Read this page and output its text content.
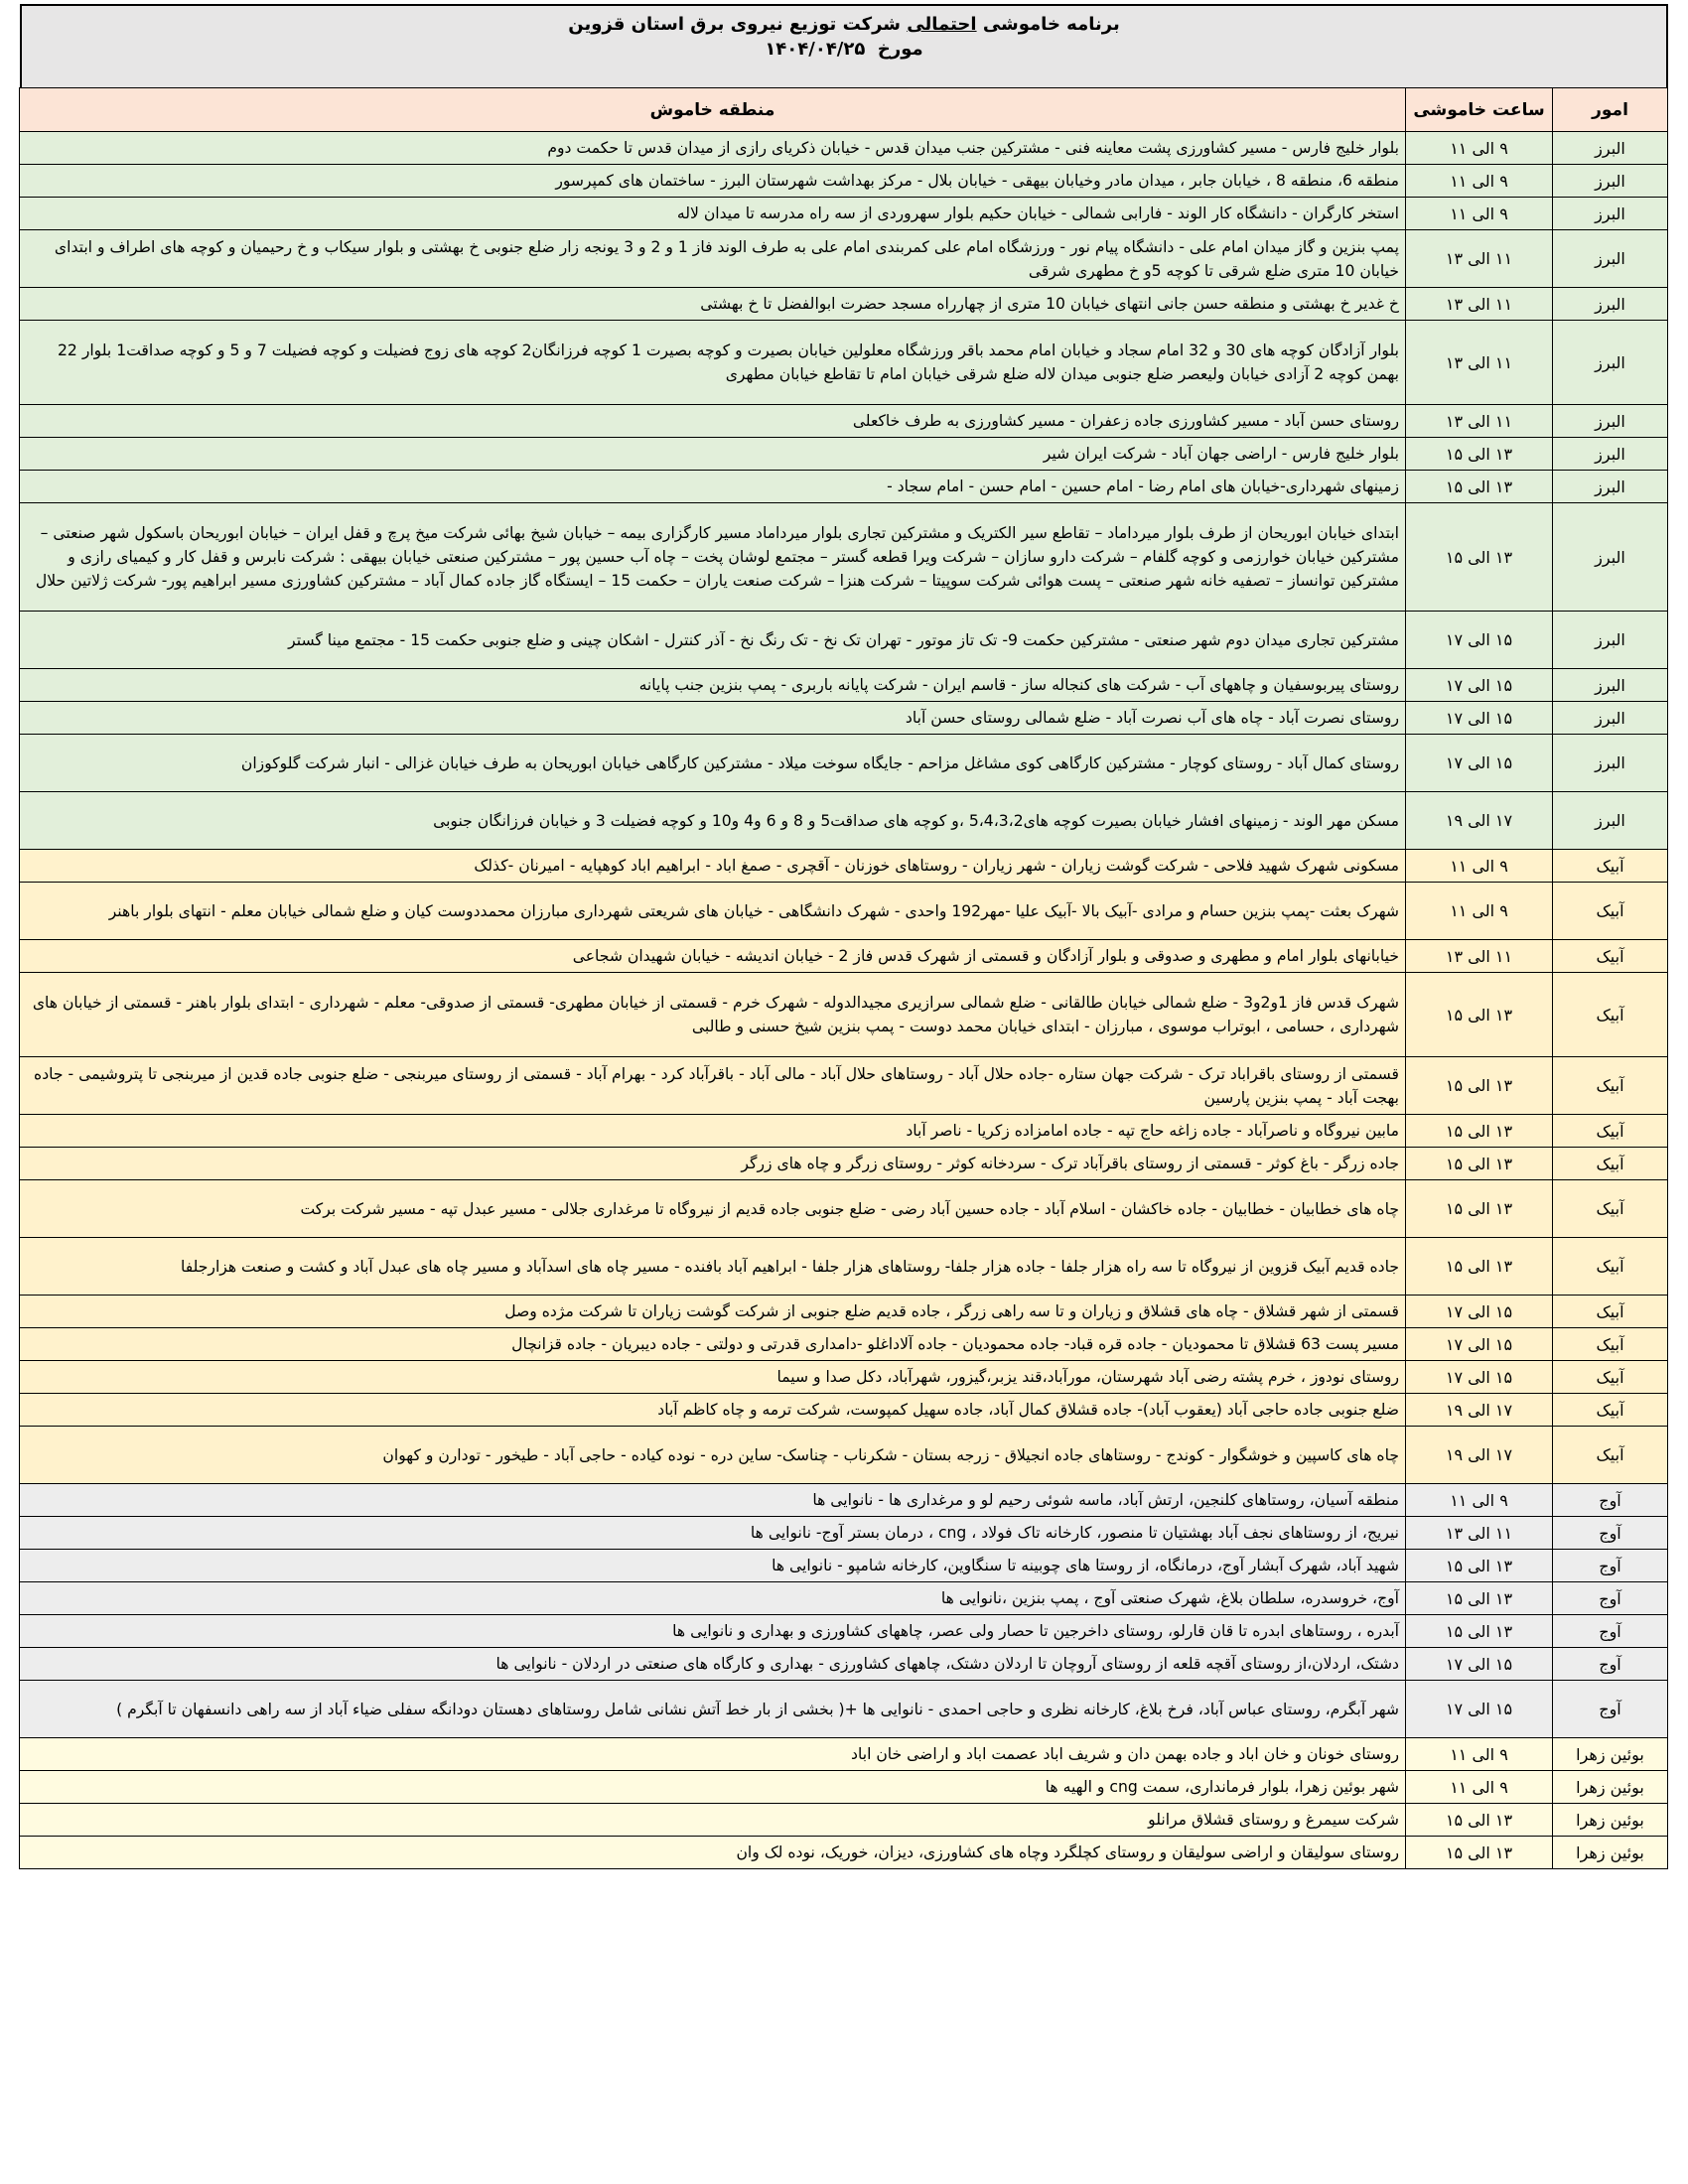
برنامه خاموشی احتمالی شرکت توزیع نیروی برق استان قزوین
مورخ  ۱۴۰۴/۰۴/۲۵
امور	ساعت خاموشی	منطقه خاموش
البرز	۹ الی ۱۱	بلوار خلیج فارس - مسیر کشاورزی پشت معاینه فنی - مشترکین جنب میدان قدس - خیابان ذکریای رازی از میدان قدس تا حکمت دوم
البرز	۹ الی ۱۱	منطقه 6، منطقه 8 ، خیابان جابر ، میدان مادر وخیابان بیهقی - خیابان بلال - مرکز بهداشت شهرستان البرز - ساختمان های کمپرسور
البرز	۹ الی ۱۱	استخر کارگران - دانشگاه کار الوند - فارابی شمالی - خیابان حکیم بلوار سهروردی از سه راه مدرسه تا میدان لاله
البرز	۱۱ الی ۱۳	پمپ بنزین و گاز میدان امام علی - دانشگاه پیام نور - ورزشگاه امام علی کمربندی امام علی به طرف الوند فاز 1 و 2 و 3 یونجه زار ضلع جنوبی خ بهشتی و بلوار سیکاب و خ رحیمیان و کوچه های اطراف و ابتدای خیابان 10 متری ضلع شرقی تا کوچه 5و خ مطهری شرقی
البرز	۱۱ الی ۱۳	خ غدیر خ بهشتی و منطقه حسن جانی انتهای خیابان 10 متری از چهارراه مسجد حضرت ابوالفضل تا خ بهشتی
البرز	۱۱ الی ۱۳	بلوار آزادگان کوچه های 30 و 32 امام سجاد و خیابان امام محمد باقر ورزشگاه معلولین خیابان بصیرت و کوچه بصیرت 1 کوچه فرزانگان2 کوچه های زوج فضیلت و کوچه فضیلت 7 و 5 و کوچه صداقت1 بلوار 22 بهمن کوچه 2 آزادی خیابان ولیعصر ضلع جنوبی میدان لاله ضلع شرقی خیابان امام تا تقاطع خیابان مطهری
البرز	۱۱ الی ۱۳	روستای حسن آباد - مسیر کشاورزی جاده زعفران - مسیر کشاورزی به طرف خاکعلی
البرز	۱۳ الی ۱۵	بلوار خلیج فارس - اراضی جهان آباد - شرکت ایران شیر
البرز	۱۳ الی ۱۵	زمینهای شهرداری-خیابان های امام رضا - امام حسین - امام حسن - امام سجاد -
البرز	۱۳ الی ۱۵	ابتدای خیابان ابوریحان از طرف بلوار میرداماد – تقاطع سیر الکتریک و مشترکین تجاری بلوار میرداماد مسیر کارگزاری بیمه – خیابان شیخ بهائی شرکت میخ پرچ و قفل ایران – خیابان ابوریحان باسکول شهر صنعتی – مشترکین خیابان خوارزمی و کوچه گلفام – شرکت دارو سازان – شرکت ویرا قطعه گستر – مجتمع لوشان پخت – چاه آب حسین پور – مشترکین صنعتی خیابان بیهقی : شرکت نابرس و قفل کار و کیمیای رازی و مشترکین توانساز – تصفیه خانه شهر صنعتی – پست هوائی شرکت سوپیتا – شرکت هنزا – شرکت صنعت یاران – حکمت 15 – ایستگاه گاز جاده کمال آباد – مشترکین کشاورزی مسیر ابراهیم پور- شرکت ژلاتین حلال
البرز	۱۵ الی ۱۷	مشترکین تجاری میدان دوم شهر صنعتی - مشترکین حکمت 9- تک تاز موتور - تهران تک نخ - تک رنگ نخ - آذر کنترل - اشکان چینی و ضلع جنوبی حکمت 15 - مجتمع مینا گستر
البرز	۱۵ الی ۱۷	روستای پیربوسفیان و چاههای آب - شرکت های کنجاله ساز - قاسم ایران - شرکت پایانه باربری - پمپ بنزین جنب پایانه
البرز	۱۵ الی ۱۷	روستای نصرت آباد - چاه های آب نصرت آباد - ضلع شمالی روستای حسن آباد
البرز	۱۵ الی ۱۷	روستای کمال آباد - روستای کوچار - مشترکین کارگاهی کوی مشاغل مزاحم - جایگاه سوخت میلاد - مشترکین کارگاهی خیابان ابوریحان به طرف خیابان غزالی - انبار شرکت گلوکوزان
البرز	۱۷ الی ۱۹	مسکن مهر الوند - زمینهای افشار خیابان بصیرت کوچه های5،4،3،2 ،و کوچه های صداقت5 و 8 و 6 و4 و10 و کوچه فضیلت 3 و خیابان فرزانگان جنوبی
آبیک	۹ الی ۱۱	مسکونی شهرک شهید فلاحی - شرکت گوشت زیاران - شهر زیاران - روستاهای خوزنان - آقچری - صمغ اباد - ابراهیم اباد کوهپایه - امیرنان -کذلک
آبیک	۹ الی ۱۱	شهرک بعثت -پمپ بنزین حسام و مرادی -آبیک بالا -آبیک علیا -مهر192 واحدی - شهرک دانشگاهی - خیابان های شریعتی شهرداری مبارزان محمددوست کیان و ضلع شمالی خیابان معلم - انتهای بلوار باهنر
آبیک	۱۱ الی ۱۳	خیابانهای بلوار امام و مطهری و صدوقی و بلوار آزادگان و قسمتی از شهرک قدس فاز 2 - خیابان اندیشه - خیابان شهیدان شجاعی
آبیک	۱۳ الی ۱۵	شهرک قدس فاز 1و2و3 - ضلع شمالی خیابان طالقانی - ضلع شمالی سرازیری مجیدالدوله - شهرک خرم - قسمتی از خیابان مطهری- قسمتی از صدوقی- معلم - شهرداری - ابتدای بلوار باهنر - قسمتی از خیابان های شهرداری ، حسامی ، ابوتراب موسوی ، مبارزان - ابتدای خیابان محمد دوست - پمپ بنزین شیخ حسنی و طالبی
آبیک	۱۳ الی ۱۵	قسمتی از روستای باقراباد ترک - شرکت جهان ستاره -جاده حلال آباد - روستاهای حلال آباد - مالی آباد - باقرآباد کرد - بهرام آباد - قسمتی از روستای میربنجی - ضلع جنوبی جاده قدین از میربنجی تا پتروشیمی - جاده بهجت آباد - پمپ بنزین پارسین
آبیک	۱۳ الی ۱۵	مابین نیروگاه و ناصرآباد - جاده زاغه حاج تپه - جاده امامزاده زکریا - ناصر آباد
آبیک	۱۳ الی ۱۵	جاده زرگر - باغ کوثر - قسمتی از روستای باقرآباد ترک - سردخانه کوثر - روستای زرگر و چاه های زرگر
آبیک	۱۳ الی ۱۵	چاه های خطابیان - خطابیان - جاده خاکشان - اسلام آباد - جاده حسین آباد رضی - ضلع جنوبی جاده قدیم از نیروگاه تا مرغداری جلالی - مسیر عبدل تپه - مسیر شرکت برکت
آبیک	۱۳ الی ۱۵	جاده قدیم آبیک قزوین از نیروگاه تا سه راه هزار جلفا - جاده هزار جلفا- روستاهای هزار جلفا - ابراهیم آباد بافنده - مسیر چاه های اسدآباد و مسیر چاه های عبدل آباد و کشت و صنعت هزارجلفا
آبیک	۱۵ الی ۱۷	قسمتی از شهر قشلاق - چاه های قشلاق و زیاران و تا سه راهی زرگر ، جاده قدیم ضلع جنوبی از شرکت گوشت زیاران تا شرکت مژده وصل
آبیک	۱۵ الی ۱۷	مسیر پست 63 قشلاق تا محمودیان - جاده قره قباد- جاده محمودیان - جاده آلاداغلو -دامداری قدرتی و دولتی - جاده دیبریان - جاده قزانچال
آبیک	۱۵ الی ۱۷	روستای نودوز ، خرم پشته رضی آباد شهرستان، مورآباد،قند یزبر،گیزور، شهرآباد، دکل صدا و سیما
آبیک	۱۷ الی ۱۹	ضلع جنوبی جاده حاجی آباد (یعقوب آباد)- جاده قشلاق کمال آباد، جاده سهیل کمپوست، شرکت ترمه و چاه کاظم آباد
آبیک	۱۷ الی ۱۹	چاه های کاسپین و خوشگوار - کوندج - روستاهای جاده انجیلاق - زرجه بستان - شکرناب - چناسک- ساین دره - نوده کیاده - حاجی آباد - طیخور - تودارن و کهوان
آوج	۹ الی ۱۱	منطقه آسیان، روستاهای کلنجین، ارتش آباد، ماسه شوئی رحیم لو و مرغداری ها - نانوایی ها
آوج	۱۱ الی ۱۳	نیریج، از روستاهای نجف آباد بهشتیان تا منصور، کارخانه تاک فولاد ، cng ، درمان بستر آوج- نانوایی ها
آوج	۱۳ الی ۱۵	شهید آباد، شهرک آبشار آوج، درمانگاه، از روستا های چوبینه تا سنگاوین، کارخانه شامپو - نانوایی ها
آوج	۱۳ الی ۱۵	آوج، خروسدره، سلطان بلاغ، شهرک صنعتی آوج ، پمپ بنزین ،نانوایی ها
آوج	۱۳ الی ۱۵	آبدره ، روستاهای ابدره تا قان قارلو، روستای داخرجین تا حصار ولی عصر، چاههای کشاورزی و بهداری و نانوایی ها
آوج	۱۵ الی ۱۷	دشتک، اردلان،از روستای آقچه قلعه از روستای آروچان تا اردلان دشتک، چاههای کشاورزی - بهداری و کارگاه های صنعتی در اردلان - نانوایی ها
آوج	۱۵ الی ۱۷	شهر آبگرم، روستای عباس آباد، فرخ بلاغ، کارخانه نظری و حاجی احمدی - نانوایی ها +( بخشی از بار خط آتش نشانی شامل روستاهای دهستان دودانگه سفلی ضیاء آباد از سه راهی دانسفهان تا آبگرم )
بوئین زهرا	۹ الی ۱۱	روستای خونان و خان اباد و جاده بهمن دان و شریف اباد عصمت اباد و اراضی خان اباد
بوئین زهرا	۹ الی ۱۱	شهر بوئین زهرا، بلوار فرمانداری، سمت cng و الهیه ها
بوئین زهرا	۱۳ الی ۱۵	شرکت سیمرغ و روستای قشلاق مرانلو
بوئین زهرا	۱۳ الی ۱۵	روستای سولیقان و اراضی سولیقان و روستای کچلگرد وچاه های کشاورزی، دیزان، خوریک، نوده لک وان
